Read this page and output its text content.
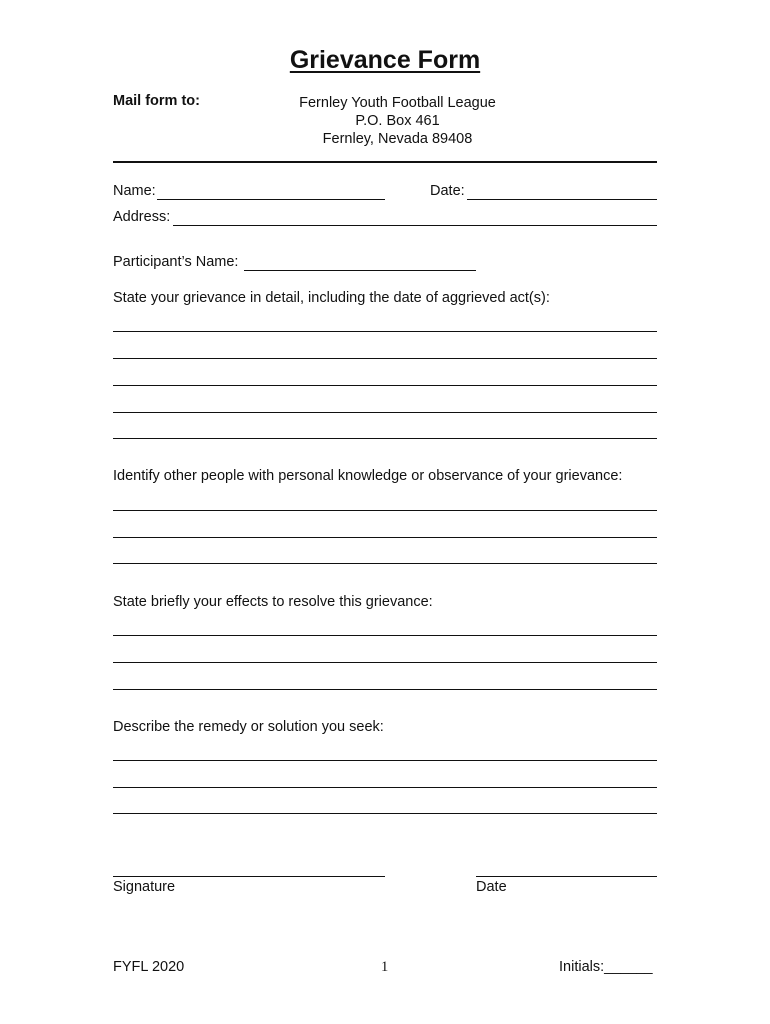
Grievance Form
Mail form to:	Fernley Youth Football League
P.O. Box 461
Fernley, Nevada 89408
Name:	Date:
Address:
Participant’s Name:
State your grievance in detail, including the date of aggrieved act(s):
Identify other people with personal knowledge or observance of your grievance:
State briefly your effects to resolve this grievance:
Describe the remedy or solution you seek:
Signature	Date
FYFL 2020	1	Initials:______
